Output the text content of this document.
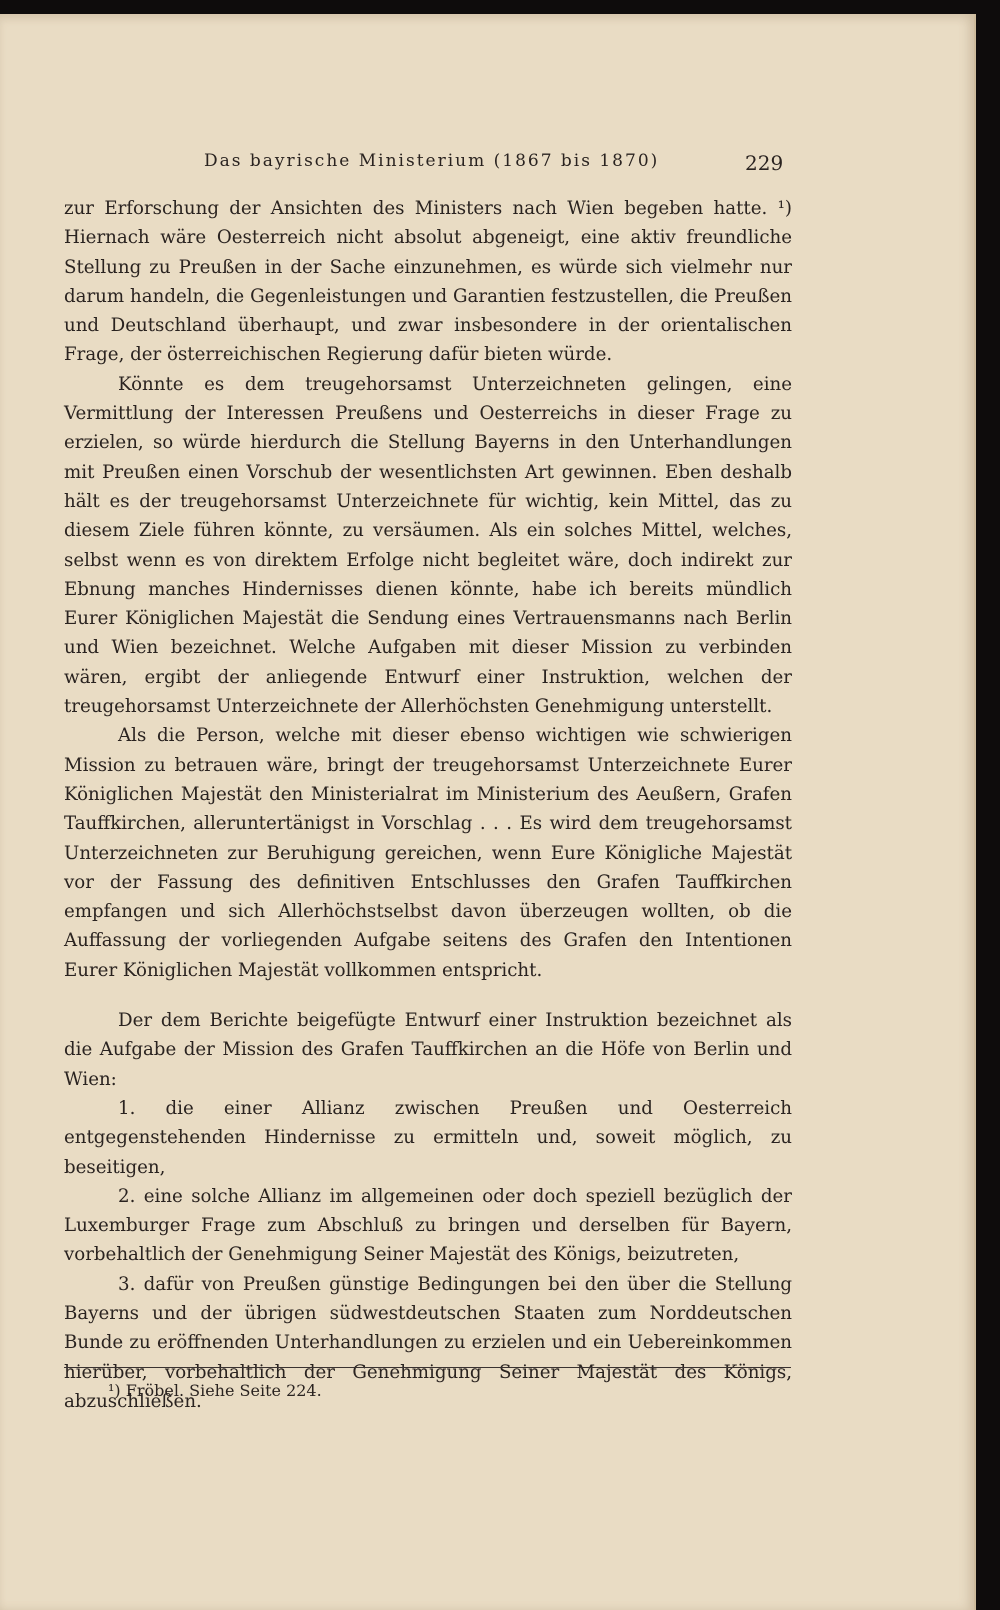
Das bayrische Ministerium (1867 bis 1870)	229

zur Erforschung der Ansichten des Ministers nach Wien begeben hatte. ¹) Hiernach wäre Oesterreich nicht absolut abgeneigt, eine aktiv freundliche Stellung zu Preußen in der Sache einzunehmen, es würde sich vielmehr nur darum handeln, die Gegenleistungen und Garantien festzustellen, die Preußen und Deutschland überhaupt, und zwar insbesondere in der orientalischen Frage, der österreichischen Regierung dafür bieten würde.

Könnte es dem treugehorsamst Unterzeichneten gelingen, eine Vermittlung der Interessen Preußens und Oesterreichs in dieser Frage zu erzielen, so würde hierdurch die Stellung Bayerns in den Unterhandlungen mit Preußen einen Vorschub der wesentlichsten Art gewinnen. Eben deshalb hält es der treugehorsamst Unterzeichnete für wichtig, kein Mittel, das zu diesem Ziele führen könnte, zu versäumen. Als ein solches Mittel, welches, selbst wenn es von direktem Erfolge nicht begleitet wäre, doch indirekt zur Ebnung manches Hindernisses dienen könnte, habe ich bereits mündlich Eurer Königlichen Majestät die Sendung eines Vertrauensmanns nach Berlin und Wien bezeichnet. Welche Aufgaben mit dieser Mission zu verbinden wären, ergibt der anliegende Entwurf einer Instruktion, welchen der treugehorsamst Unterzeichnete der Allerhöchsten Genehmigung unterstellt.

Als die Person, welche mit dieser ebenso wichtigen wie schwierigen Mission zu betrauen wäre, bringt der treugehorsamst Unterzeichnete Eurer Königlichen Majestät den Ministerialrat im Ministerium des Aeußern, Grafen Tauffkirchen, alleruntertänigst in Vorschlag . . . Es wird dem treugehorsamst Unterzeichneten zur Beruhigung gereichen, wenn Eure Königliche Majestät vor der Fassung des definitiven Entschlusses den Grafen Tauffkirchen empfangen und sich Allerhöchstselbst davon überzeugen wollten, ob die Auffassung der vorliegenden Aufgabe seitens des Grafen den Intentionen Eurer Königlichen Majestät vollkommen entspricht.

Der dem Berichte beigefügte Entwurf einer Instruktion bezeichnet als die Aufgabe der Mission des Grafen Tauffkirchen an die Höfe von Berlin und Wien:

1. die einer Allianz zwischen Preußen und Oesterreich entgegenstehenden Hindernisse zu ermitteln und, soweit möglich, zu beseitigen,

2. eine solche Allianz im allgemeinen oder doch speziell bezüglich der Luxemburger Frage zum Abschluß zu bringen und derselben für Bayern, vorbehaltlich der Genehmigung Seiner Majestät des Königs, beizutreten,

3. dafür von Preußen günstige Bedingungen bei den über die Stellung Bayerns und der übrigen südwestdeutschen Staaten zum Norddeutschen Bunde zu eröffnenden Unterhandlungen zu erzielen und ein Uebereinkommen hierüber, vorbehaltlich der Genehmigung Seiner Majestät des Königs, abzuschließen.

¹) Fröbel. Siehe Seite 224.
